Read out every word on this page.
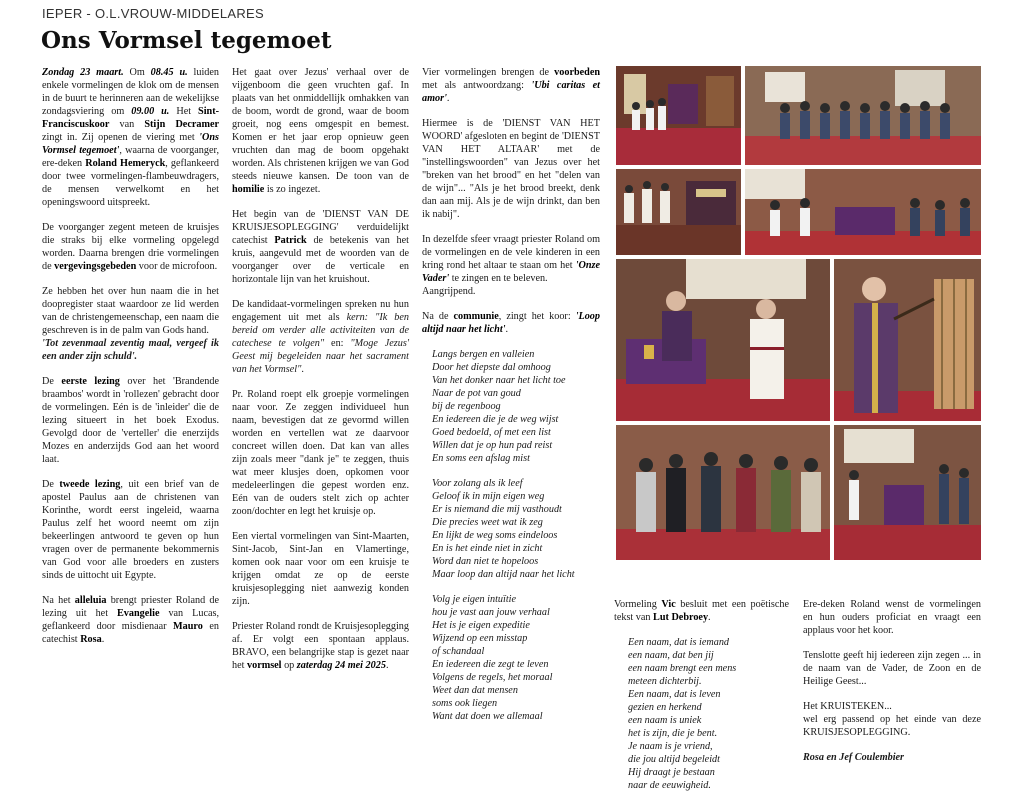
IEPER - O.L.VROUW-MIDDELARES
Ons Vormsel tegemoet

Zondag 23 maart. Om 08.45 u. luiden enkele vormelingen de klok om de mensen in de buurt te herinneren aan de wekelijkse zondagsviering om 09.00 u. Het Sint-Franciscuskoor van Stijn Decramer zingt in. Zij openen de viering met 'Ons Vormsel tegemoet', waarna de voorganger, ere-deken Roland Hemeryck, geflankeerd door twee vormelingen-flambeuwdragers, de mensen verwelkomt en het openingswoord uitspreekt.

De voorganger zegent meteen de kruisjes die straks bij elke vormeling opgelegd worden. Daarna brengen drie vormelingen de vergevingsgebeden voor de microfoon.

Ze hebben het over hun naam die in het doopregister staat waardoor ze lid werden van de christengemeenschap, een naam die geschreven is in de palm van Gods hand.
'Tot zevenmaal zeventig maal, vergeef ik een ander zijn schuld'.

De eerste lezing over het 'Brandende braambos' wordt in 'rollezen' gebracht door de vormelingen. Eén is de 'inleider' die de lezing situeert in het boek Exodus. Gevolgd door de 'verteller' die enerzijds Mozes en anderzijds God aan het woord laat.

De tweede lezing, uit een brief van de apostel Paulus aan de christenen van Korinthe, wordt eerst ingeleid, waarna Paulus zelf het woord neemt om zijn bekeerlingen antwoord te geven op hun vragen over de permanente bekommernis van God voor alle broeders en zusters sinds de uittocht uit Egypte.

Na het alleluia brengt priester Roland de lezing uit het Evangelie van Lucas, geflankeerd door misdienaar Mauro en catechist Rosa.

Het gaat over Jezus' verhaal over de vijgenboom die geen vruchten gaf. In plaats van het onmiddellijk omhakken van de boom, wordt de grond, waar de boom groeit, nog eens omgespit en bemest. Komen er het jaar erop opnieuw geen vruchten dan mag de boom opgehakt worden. Als christenen krijgen we van God steeds nieuwe kansen. De toon van de homilie is zo ingezet.

Het begin van de 'DIENST VAN DE KRUISJESOPLEGGING' verduidelijkt catechist Patrick de betekenis van het kruis, aangevuld met de woorden van de voorganger over de verticale en horizontale lijn van het kruishout.

De kandidaat-vormelingen spreken nu hun engagement uit met als kern: "Ik ben bereid om verder alle activiteiten van de catechese te volgen" en: "Moge Jezus' Geest mij begeleiden naar het sacrament van het Vormsel".

Pr. Roland roept elk groepje vormelingen naar voor. Ze zeggen individueel hun naam, bevestigen dat ze gevormd willen worden en vertellen wat ze daarvoor concreet willen doen. Dat kan van alles zijn zoals meer "dank je" te zeggen, thuis wat meer klusjes doen, opkomen voor medeleerlingen die gepest worden enz. Eén van de ouders stelt zich op achter zoon/dochter en legt het kruisje op.

Een viertal vormelingen van Sint-Maarten, Sint-Jacob, Sint-Jan en Vlamertinge, komen ook naar voor om een kruisje te krijgen omdat ze op de eerste kruisjesoplegging niet aanwezig konden zijn.

Priester Roland rondt de Kruisjesoplegging af. Er volgt een spontaan applaus. BRAVO, een belangrijke stap is gezet naar het vormsel op zaterdag 24 mei 2025.

Vier vormelingen brengen de voorbeden met als antwoordzang: 'Ubi caritas et amor'.

Hiermee is de 'DIENST VAN HET WOORD' afgesloten en begint de 'DIENST VAN HET ALTAAR' met de "instellingswoorden" van Jezus over het "breken van het brood" en het "delen van de wijn"... "Als je het brood breekt, denk dan aan mij. Als je de wijn drinkt, dan ben ik nabij".

In dezelfde sfeer vraagt priester Roland om de vormelingen en de vele kinderen in een kring rond het altaar te staan om het 'Onze Vader' te zingen en te beleven.
Aangrijpend.

Na de communie, zingt het koor: 'Loop altijd naar het licht'.

Langs bergen en valleien
Door het diepste dal omhoog
Van het donker naar het licht toe
Naar de pot van goud
bij de regenboog
En iedereen die je de weg wijst
Goed bedoeld, of met een list
Willen dat je op hun pad reist
En soms een afslag mist
Voor zolang als ik leef
Geloof ik in mijn eigen weg
Er is niemand die mij vasthoudt
Die precies weet wat ik zeg
En lijkt de weg soms eindeloos
En is het einde niet in zicht
Word dan niet te hopeloos
Maar loop dan altijd naar het licht
Volg je eigen intuïtie
hou je vast aan jouw verhaal
Het is je eigen expeditie
Wijzend op een misstap
of schandaal
En iedereen die zegt te leven
Volgens de regels, het moraal
Weet dan dat mensen
soms ook liegen
Want dat doen we allemaal

Vormeling Vic besluit met een poëtische tekst van Lut Debroey.

Een naam, dat is iemand
een naam, dat ben jij
een naam brengt een mens
meteen dichterbij.
Een naam, dat is leven
gezien en herkend
een naam is uniek
het is zijn, die je bent.
Je naam is je vriend,
die jou altijd begeleidt
Hij draagt je bestaan
naar de eeuwigheid.

Ere-deken Roland wenst de vormelingen en hun ouders proficiat en vraagt een applaus voor het koor.

Tenslotte geeft hij iedereen zijn zegen ... in de naam van de Vader, de Zoon en de Heilige Geest...

Het KRUISTEKEN...
wel erg passend op het einde van deze KRUISJESOPLEGGING.

Rosa en Jef Coulembier
